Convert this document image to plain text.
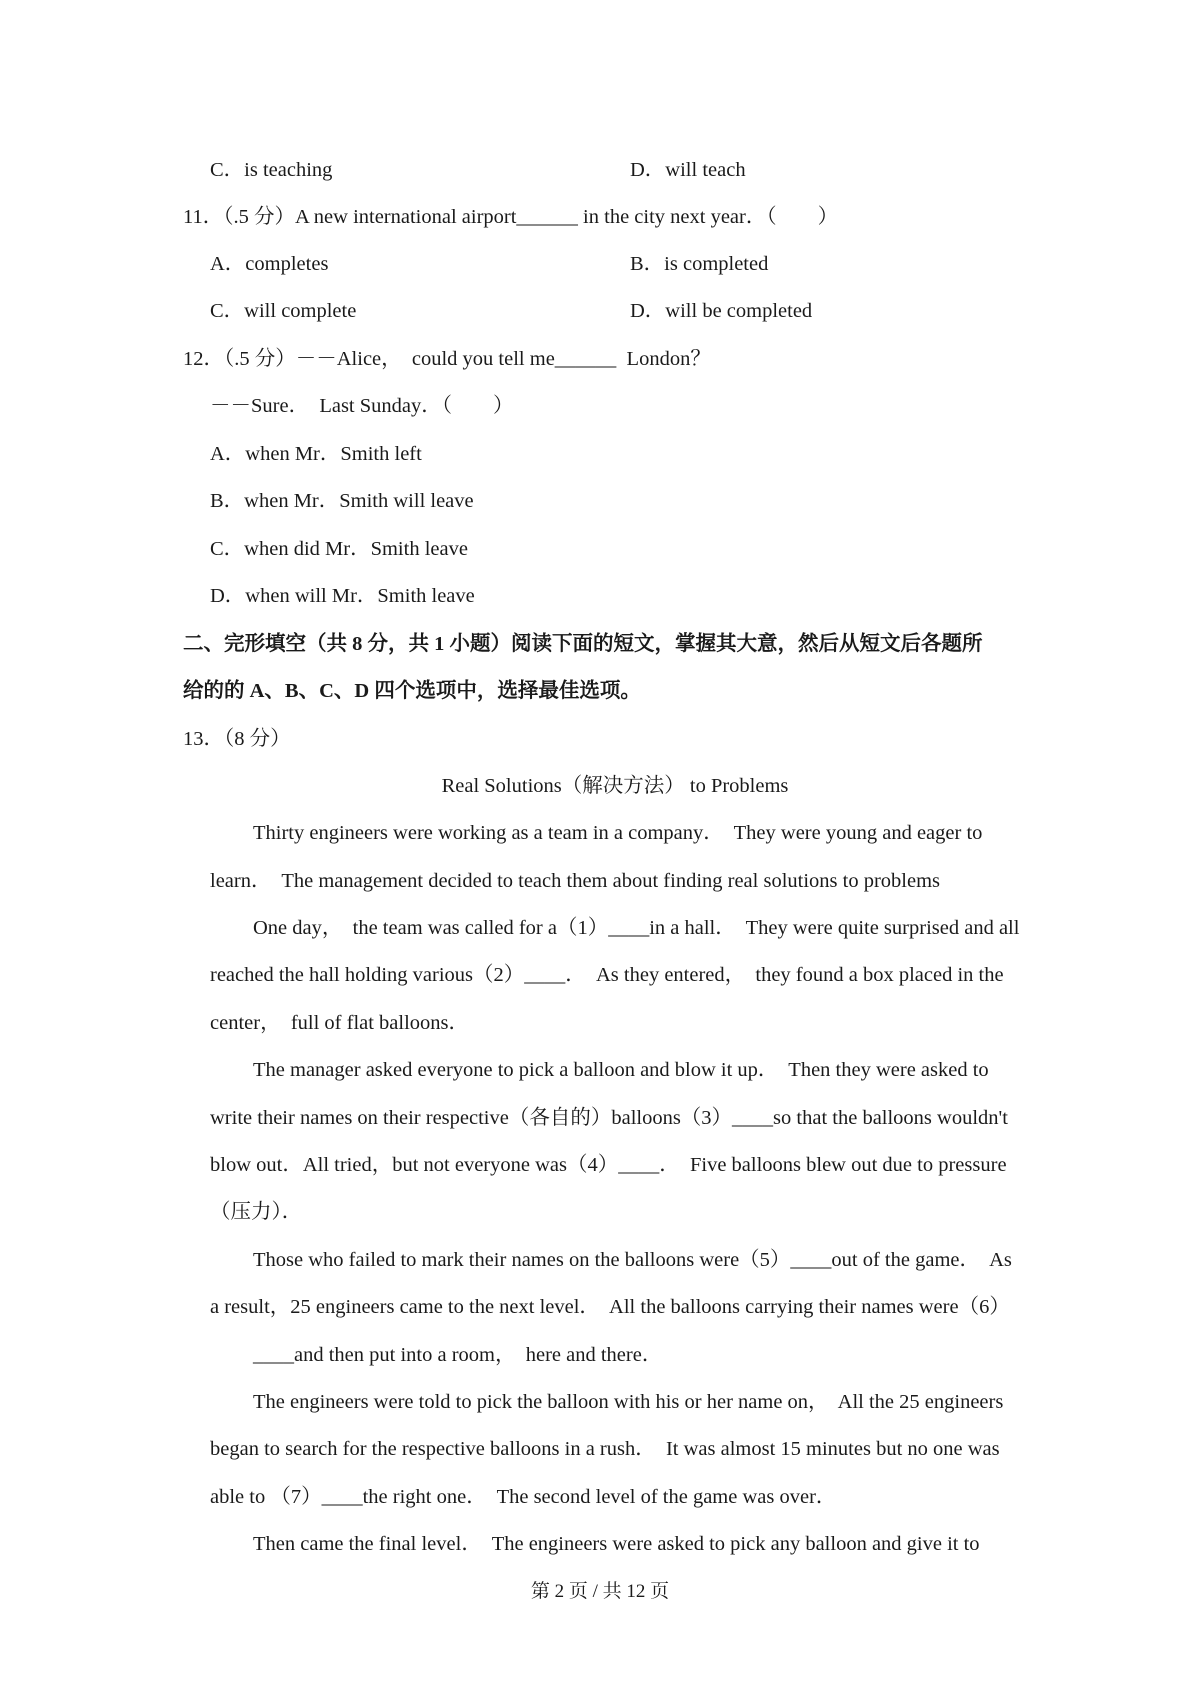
C．is teaching	D．will teach
11．（.5 分）A new international airport______ in the city next year．（　　）
A．completes	B．is completed
C．will complete	D．will be completed
12．（.5 分）－－Alice，  could you tell me______  London？
－－Sure．  Last Sunday．（　　）
A．when Mr．Smith left
B．when Mr．Smith will leave
C．when did Mr．Smith leave
D．when will Mr．Smith leave
二、完形填空（共 8 分，共 1 小题）阅读下面的短文，掌握其大意，然后从短文后各题所
给的的 A、B、C、D 四个选项中，选择最佳选项。
13．（8 分）
Real Solutions（解决方法） to Problems
Thirty engineers were working as a team in a company．  They were young and eager to
learn．  The management decided to teach them about finding real solutions to problems
One day，  the team was called for a（1）____in a hall．  They were quite surprised and all
reached the hall holding various（2）____．  As they entered，  they found a box placed in the
center，  full of flat balloons．
The manager asked everyone to pick a balloon and blow it up．  Then they were asked to
write their names on their respective（各自的）balloons（3）____so that the balloons wouldn't
blow out．All tried，but not everyone was（4）____．  Five balloons blew out due to pressure
（压力）．
Those who failed to mark their names on the balloons were（5）____out of the game．  As
a result，25 engineers came to the next level．  All the balloons carrying their names were（6）
____and then put into a room，  here and there．
The engineers were told to pick the balloon with his or her name on，  All the 25 engineers
began to search for the respective balloons in a rush．  It was almost 15 minutes but no one was
able to （7）____the right one．  The second level of the game was over．
Then came the final level．  The engineers were asked to pick any balloon and give it to
第 2 页 / 共 12 页
